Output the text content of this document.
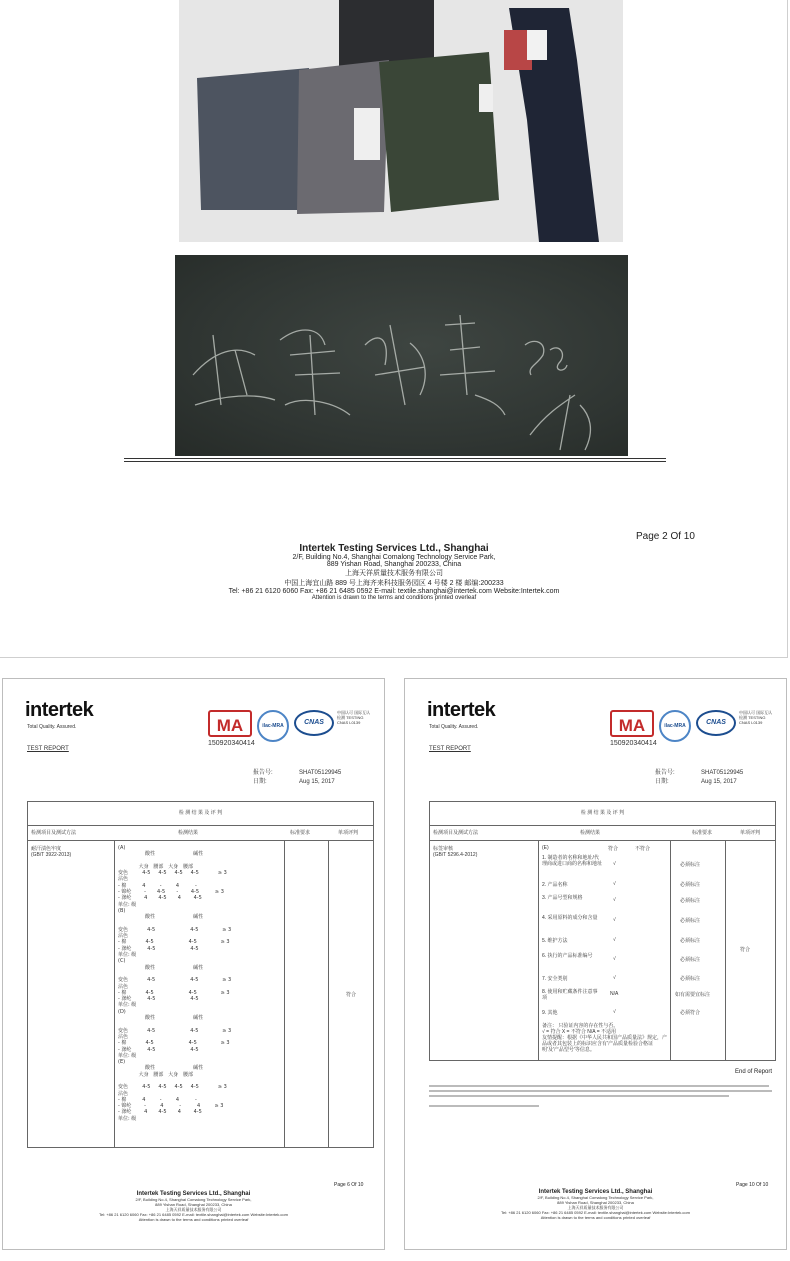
Page 2 Of 10
Intertek Testing Services Ltd., Shanghai
2/F, Building No.4, Shanghai Comalong Technology Service Park,
889 Yishan Road, Shanghai 200233, China
上海天祥质量技术服务有限公司
中国上海宜山路 889 号上海齐来科技服务园区 4 号楼 2 楼 邮编:200233
Tel: +86 21 6120 6060 Fax: +86 21 6485 0592 E-mail: textile.shanghai@intertek.com Website:Intertek.com
Attention is drawn to the terms and conditions printed overleaf
intertek
Total Quality. Assured.
TEST REPORT
MA
150920340414
ilac-MRA	CNAS
中国认可 国际互认 检测 TESTING CNAS L0139
报告号:	SHAT05129945
日期:	Aug 15, 2017
检 测 结 果 及 评 判
检测项目及测试方法	检测结果	标准要求	单项评判
耐汗渍色牢度
(GB/T 3922-2013)
符合
(A)
酸性                        碱性

大身   腰部   大身   腰部
变色         4-5     4-5     4-5     4-5            ≥ 3
沾色
- 棉          4         -         4          -
- 锦纶        -       4-5       -        4-5          ≥ 3
- 涤纶        4       4-5       4        4-5
单位: 级
(B)
酸性                        碱性

变色            4-5                      4-5               ≥ 3
沾色
- 棉            4-5                      4-5               ≥ 3
- 涤纶          4-5                      4-5
单位: 级
(C)
酸性                        碱性

变色            4-5                      4-5               ≥ 3
沾色
- 棉            4-5                      4-5               ≥ 3
- 涤纶          4-5                      4-5
单位: 级
(D)
酸性                        碱性

变色            4-5                      4-5               ≥ 3
沾色
- 棉            4-5                      4-5               ≥ 3
- 涤纶          4-5                      4-5
单位: 级
(E)
酸性                        碱性
大身   腰部   大身   腰部

变色         4-5     4-5     4-5     4-5            ≥ 3
沾色
- 棉          4         -         4          -
- 锦纶        -         4          -          4         ≥ 3
- 涤纶        4       4-5       4        4-5
单位: 级
Page 6 Of 10
Intertek Testing Services Ltd., Shanghai
2/F, Building No.4, Shanghai Comalong Technology Service Park,
889 Yishan Road, Shanghai 200233, China
上海天祥质量技术服务有限公司
Tel: +86 21 6120 6060 Fax: +86 21 6485 0592 E-mail: textile.shanghai@intertek.com Website:Intertek.com
Attention is drawn to the terms and conditions printed overleaf
intertek
Total Quality. Assured.
TEST REPORT
MA
150920340414
ilac-MRA	CNAS
中国认可 国际互认 检测 TESTING CNAS L0139
报告号:	SHAT05129945
日期:	Aug 15, 2017
检 测 结 果 及 评 判
检测项目及测试方法	检测结果	标准要求	单项评判
标签审核
(GB/T 5296.4-2012)
(E)	符合	不符合
符合
1. 制造者的名称和地址/代理商或进口商的名称和地址 √	必须标注
2. 产品名称	√	必须标注
3. 产品号型和规格	√	必须标注
4. 采用原料的成分和含量	√	必须标注
5. 维护方法	√	必须标注
6. 执行的产品标准编号	√	必须标注
7. 安全类别	√	必须标注
8. 使用和贮藏条件注意事项
N/A	如有需要宜标注
9. 其他	√	必须符合
备注： 只验证内容的存在性与否。
√ = 符合 X = 不符合 N/A = 不适用
友情提醒：根据《中华人民共和国产品质量法》规定，产品或者其包装上的标识应含有'产品质量检验合格证明'及'产品型号'等信息。
End of Report
Page 10 Of 10
Intertek Testing Services Ltd., Shanghai
2/F, Building No.4, Shanghai Comalong Technology Service Park,
889 Yishan Road, Shanghai 200233, China
上海天祥质量技术服务有限公司
Tel: +86 21 6120 6060 Fax: +86 21 6485 0592 E-mail: textile.shanghai@intertek.com Website:Intertek.com
Attention is drawn to the terms and conditions printed overleaf
